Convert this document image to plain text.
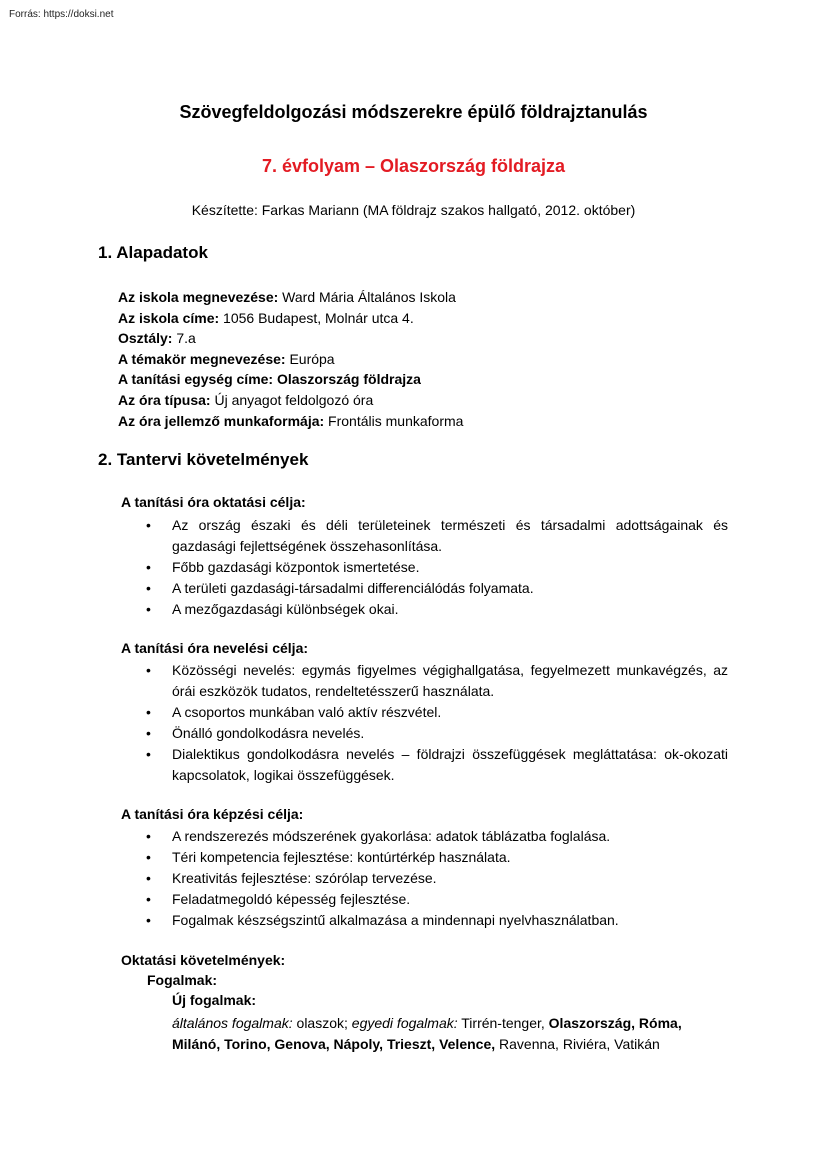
Forrás: https://doksi.net
Szövegfeldolgozási módszerekre épülő földrajztanulás
7. évfolyam – Olaszország földrajza
Készítette: Farkas Mariann (MA földrajz szakos hallgató, 2012. október)
1. Alapadatok
Az iskola megnevezése: Ward Mária Általános Iskola
Az iskola címe: 1056 Budapest, Molnár utca 4.
Osztály: 7.a
A témakör megnevezése: Európa
A tanítási egység címe: Olaszország földrajza
Az óra típusa: Új anyagot feldolgozó óra
Az óra jellemző munkaformája: Frontális munkaforma
2. Tantervi követelmények
A tanítási óra oktatási célja:
• Az ország északi és déli területeinek természeti és társadalmi adottságainak és gazdasági fejlettségének összehasonlítása.
• Főbb gazdasági központok ismertetése.
• A területi gazdasági-társadalmi differenciálódás folyamata.
• A mezőgazdasági különbségek okai.
A tanítási óra nevelési célja:
• Közösségi nevelés: egymás figyelmes végighallgatása, fegyelmezett munkavégzés, az órái eszközök tudatos, rendeltetésszerű használata.
• A csoportos munkában való aktív részvétel.
• Önálló gondolkodásra nevelés.
• Dialektikus gondolkodásra nevelés – földrajzi összefüggések megláttatása: ok-okozati kapcsolatok, logikai összefüggések.
A tanítási óra képzési célja:
• A rendszerezés módszerének gyakorlása: adatok táblázatba foglalása.
• Téri kompetencia fejlesztése: kontúrtérkép használata.
• Kreativitás fejlesztése: szórólap tervezése.
• Feladatmegoldó képesség fejlesztése.
• Fogalmak készségszintű alkalmazása a mindennapi nyelvhasználatban.
Oktatási követelmények:
Fogalmak:
Új fogalmak:
általános fogalmak: olaszok; egyedi fogalmak: Tirrén-tenger, Olaszország, Róma, Milánó, Torino, Genova, Nápoly, Trieszt, Velence, Ravenna, Riviéra, Vatikán
